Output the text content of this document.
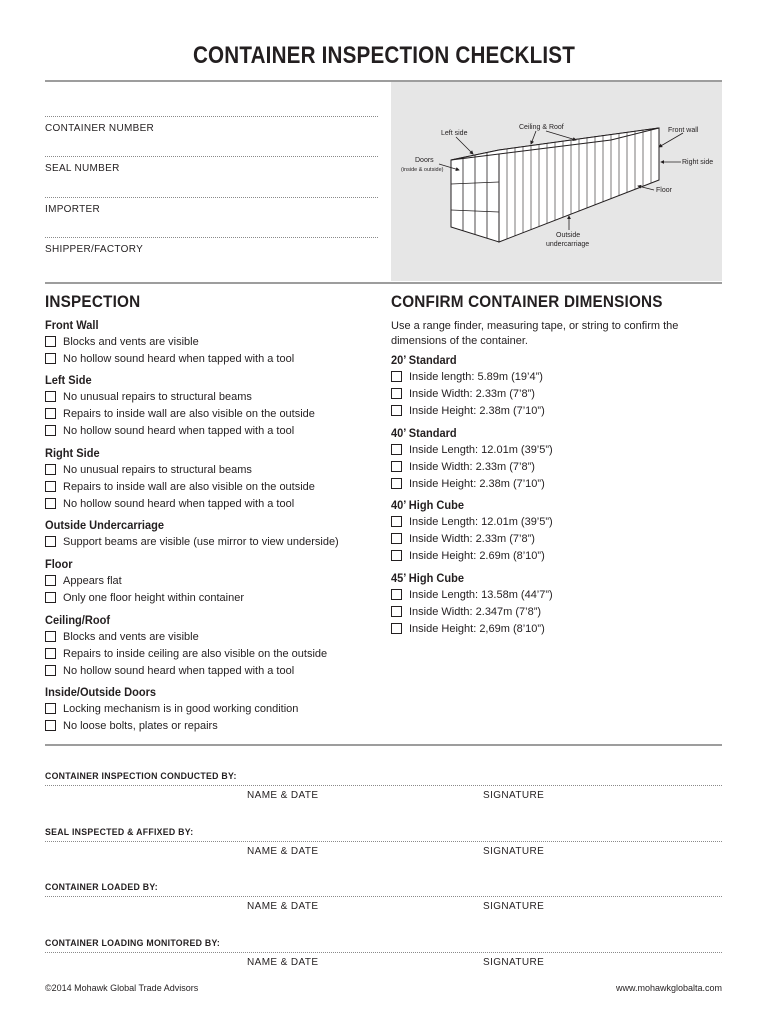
CONTAINER INSPECTION CHECKLIST
CONTAINER NUMBER
SEAL NUMBER
IMPORTER
SHIPPER/FACTORY
Left side
Ceiling & Roof	Front wall
Doors
(inside & outside)
Right side
Floor
Outside
undercarriage
INSPECTION
Front Wall
Blocks and vents are visible
No hollow sound heard when tapped with a tool
Left Side
No unusual repairs to structural beams
Repairs to inside wall are also visible on the outside
No hollow sound heard when tapped with a tool
Right Side
No unusual repairs to structural beams
Repairs to inside wall are also visible on the outside
No hollow sound heard when tapped with a tool
Outside Undercarriage
Support beams are visible (use mirror to view underside)
Floor
Appears flat
Only one floor height within container
Ceiling/Roof
Blocks and vents are visible
Repairs to inside ceiling are also visible on the outside
No hollow sound heard when tapped with a tool
Inside/Outside Doors
Locking mechanism is in good working condition
No loose bolts, plates or repairs
CONFIRM CONTAINER DIMENSIONS
Use a range finder, measuring tape, or string to confirm the dimensions of the container.
20’ Standard
Inside length: 5.89m (19’4”)
Inside Width: 2.33m (7’8”)
Inside Height: 2.38m (7’10”)
40’ Standard
Inside Length: 12.01m (39’5”)
Inside Width: 2.33m (7’8”)
Inside Height: 2.38m (7’10”)
40’ High Cube
Inside Length: 12.01m (39’5”)
Inside Width: 2.33m (7’8”)
Inside Height: 2.69m (8’10”)
45’ High Cube
Inside Length: 13.58m (44’7”)
Inside Width: 2.347m (7’8”)
Inside Height: 2,69m (8’10”)
CONTAINER INSPECTION CONDUCTED BY:
NAME & DATE	SIGNATURE
SEAL INSPECTED & AFFIXED BY:
NAME & DATE	SIGNATURE
CONTAINER LOADED BY:
NAME & DATE	SIGNATURE
CONTAINER LOADING MONITORED BY:
NAME & DATE	SIGNATURE
©2014 Mohawk Global Trade Advisors	www.mohawkglobalta.com
